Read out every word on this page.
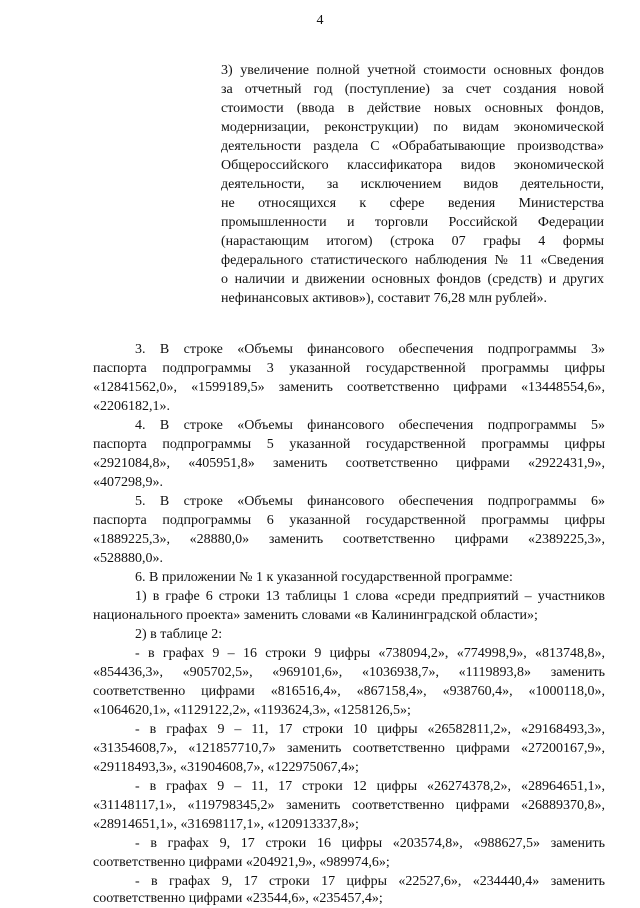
4

3) увеличение полной учетной стоимости основных фондов

за отчетный год (поступление) за счет создания новой

стоимости (ввода в действие новых основных фондов,

модернизации, реконструкции) по видам экономической

деятельности раздела С «Обрабатывающие производства»

Общероссийского классификатора видов экономической

деятельности, за исключением видов деятельности,

не относящихся к сфере ведения Министерства

промышленности и торговли Российской Федерации

(нарастающим итогом) (строка 07 графы 4 формы

федерального статистического наблюдения № 11 «Сведения

о наличии и движении основных фондов (средств) и других

нефинансовых активов»), составит 76,28 млн рублей».

3. В строке «Объемы финансового обеспечения подпрограммы 3»

паспорта подпрограммы 3 указанной государственной программы цифры

«12841562,0», «1599189,5» заменить соответственно цифрами «13448554,6»,

«2206182,1».

4. В строке «Объемы финансового обеспечения подпрограммы 5»

паспорта подпрограммы 5 указанной государственной программы цифры

«2921084,8», «405951,8» заменить соответственно цифрами «2922431,9»,

«407298,9».

5. В строке «Объемы финансового обеспечения подпрограммы 6»

паспорта подпрограммы 6 указанной государственной программы цифры

«1889225,3», «28880,0» заменить соответственно цифрами «2389225,3»,

«528880,0».

6. В приложении № 1 к указанной государственной программе:

1) в графе 6 строки 13 таблицы 1 слова «среди предприятий – участников

национального проекта» заменить словами «в Калининградской области»;

2) в таблице 2:

- в графах 9 – 16 строки 9 цифры «738094,2», «774998,9», «813748,8»,

«854436,3», «905702,5», «969101,6», «1036938,7», «1119893,8» заменить

соответственно цифрами «816516,4», «867158,4», «938760,4», «1000118,0»,

«1064620,1», «1129122,2», «1193624,3», «1258126,5»;

- в графах 9 – 11, 17 строки 10 цифры «26582811,2», «29168493,3»,

«31354608,7», «121857710,7» заменить соответственно цифрами «27200167,9»,

«29118493,3», «31904608,7», «122975067,4»;

- в графах 9 – 11, 17 строки 12 цифры «26274378,2», «28964651,1»,

«31148117,1», «119798345,2» заменить соответственно цифрами «26889370,8»,

«28914651,1», «31698117,1», «120913337,8»;

- в графах 9, 17 строки 16 цифры «203574,8», «988627,5» заменить

соответственно цифрами «204921,9», «989974,6»;

- в графах 9, 17 строки 17 цифры «22527,6», «234440,4» заменить

соответственно цифрами «23544,6», «235457,4»;
